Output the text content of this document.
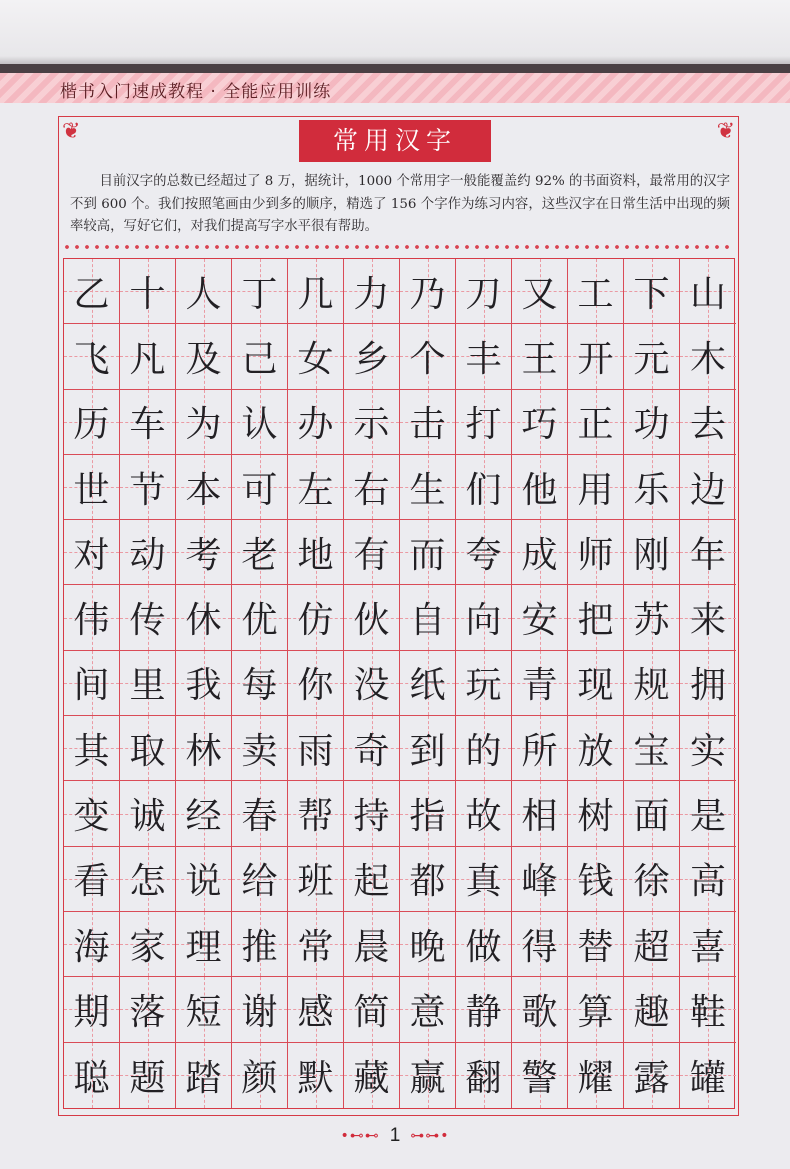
楷书入门速成教程 · 全能应用训练
❦	❦
常用汉字
目前汉字的总数已经超过了 8 万，据统计，1000 个常用字一般能覆盖约 92% 的书面资料，最常用的汉字不到 600 个。我们按照笔画由少到多的顺序，精选了 156 个字作为练习内容，这些汉字在日常生活中出现的频率较高，写好它们，对我们提高写字水平很有帮助。
乙 十 人 丁 几 力 乃 刀 又 工 下 山
飞 凡 及 己 女 乡 个 丰 王 开 元 木
历 车 为 认 办 示 击 打 巧 正 功 去
世 节 本 可 左 右 生 们 他 用 乐 边
对 动 考 老 地 有 而 夸 成 师 刚 年
伟 传 休 优 仿 伙 自 向 安 把 苏 来
间 里 我 每 你 没 纸 玩 青 现 规 拥
其 取 林 卖 雨 奇 到 的 所 放 宝 实
变 诚 经 春 帮 持 指 故 相 树 面 是
看 怎 说 给 班 起 都 真 峰 钱 徐 高
海 家 理 推 常 晨 晚 做 得 替 超 喜
期 落 短 谢 感 简 意 静 歌 算 趣 鞋
聪 题 踏 颜 默 藏 赢 翻 警 耀 露 罐
•⊷⊷ 1 ⊶⊶•
